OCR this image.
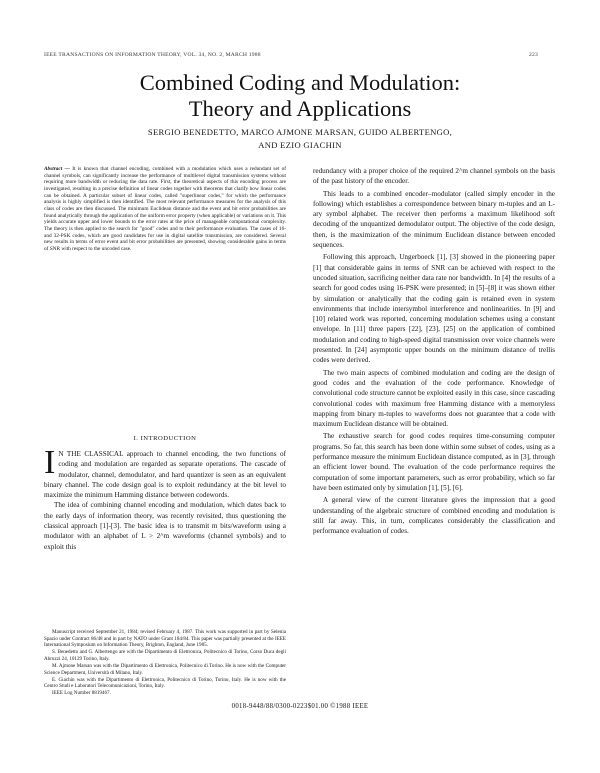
IEEE TRANSACTIONS ON INFORMATION THEORY, VOL. 34, NO. 2, MARCH 1988	223
Combined Coding and Modulation:
Theory and Applications
SERGIO BENEDETTO, MARCO AJMONE MARSAN, GUIDO ALBERTENGO,
AND EZIO GIACHIN

Abstract — It is known that channel encoding, combined with a modulation which uses a redundant set of channel symbols, can significantly increase the performance of multilevel digital transmission systems without requiring more bandwidth or reducing the data rate. First, the theoretical aspects of this encoding process are investigated, resulting in a precise definition of linear codes together with theorems that clarify how linear codes can be obtained. A particular subset of linear codes, called "superlinear codes," for which the performance analysis is highly simplified is then identified. The most relevant performance measures for the analysis of this class of codes are then discussed. The minimum Euclidean distance and the event and bit error probabilities are found analytically through the application of the uniform error property (when applicable) or variations on it. This yields accurate upper and lower bounds to the error rates at the price of manageable computational complexity. The theory is then applied to the search for "good" codes and to their performance evaluation. The cases of 16- and 32-PSK codes, which are good candidates for use in digital satellite transmission, are considered. Several new results in terms of error event and bit error probabilities are presented, showing considerable gains in terms of SNR with respect to the uncoded case.

I. INTRODUCTION
I N THE CLASSICAL approach to channel encoding, the two functions of coding and modulation are regarded as separate operations. The cascade of modulator, channel, demodulator, and hard quantizer is seen as an equivalent binary channel. The code design goal is to exploit redundancy at the bit level to maximize the minimum Hamming distance between codewords.

The idea of combining channel encoding and modulation, which dates back to the early days of information theory, was recently revisited, thus questioning the classical approach [1]-[3]. The basic idea is to transmit m bits/waveform using a modulator with an alphabet of L > 2^m waveforms (channel symbols) and to exploit this

Manuscript received September 21, 1984; revised February 4, 1987. This work was supported in part by Selenia Spazio under Contract 86/48 and in part by NATO under Grant 184/84. This paper was partially presented at the IEEE International Symposium on Information Theory, Brighton, England, June 1985.

S. Benedetto and G. Albertengo are with the Dipartimento di Elettronica, Politecnico di Torino, Corso Duca degli Abruzzi 24, 10129 Torino, Italy.

M. Ajmone Marsan was with the Dipartimento di Elettronica, Politecnico di Torino. He is now with the Computer Science Department, Università di Milano, Italy.

E. Giachin was with the Dipartimento di Elettronica, Politecnico di Torino, Torino, Italy. He is now with the Centro Studi e Laboratori Telecomunicazioni, Torino, Italy.

IEEE Log Number 8819467.

redundancy with a proper choice of the required 2^m channel symbols on the basis of the past history of the encoder.

This leads to a combined encoder–modulator (called simply encoder in the following) which establishes a correspondence between binary m-tuples and an L-ary symbol alphabet. The receiver then performs a maximum likelihood soft decoding of the unquantized demodulator output. The objective of the code design, then, is the maximization of the minimum Euclidean distance between encoded sequences.

Following this approach, Ungerboeck [1], [3] showed in the pioneering paper [1] that considerable gains in terms of SNR can be achieved with respect to the uncoded situation, sacrificing neither data rate nor bandwidth. In [4] the results of a search for good codes using 16-PSK were presented; in [5]–[8] it was shown either by simulation or analytically that the coding gain is retained even in system environments that include intersymbol interference and nonlinearities. In [9] and [10] related work was reported, concerning modulation schemes using a constant envelope. In [11] three papers [22], [23], [25] on the application of combined modulation and coding to high-speed digital transmission over voice channels were presented. In [24] asymptotic upper bounds on the minimum distance of trellis codes were derived.

The two main aspects of combined modulation and coding are the design of good codes and the evaluation of the code performance. Knowledge of convolutional code structure cannot be exploited easily in this case, since cascading convolutional codes with maximum free Hamming distance with a memoryless mapping from binary m-tuples to waveforms does not guarantee that a code with maximum Euclidean distance will be obtained.

The exhaustive search for good codes requires time-consuming computer programs. So far, this search has been done within some subset of codes, using as a performance measure the minimum Euclidean distance computed, as in [3], through an efficient lower bound. The evaluation of the code performance requires the computation of some important parameters, such as error probability, which so far have been estimated only by simulation [1], [5], [6].

A general view of the current literature gives the impression that a good understanding of the algebraic structure of combined encoding and modulation is still far away. This, in turn, complicates considerably the classification and performance evaluation of codes.

0018-9448/88/0300-0223$01.00 ©1988 IEEE
